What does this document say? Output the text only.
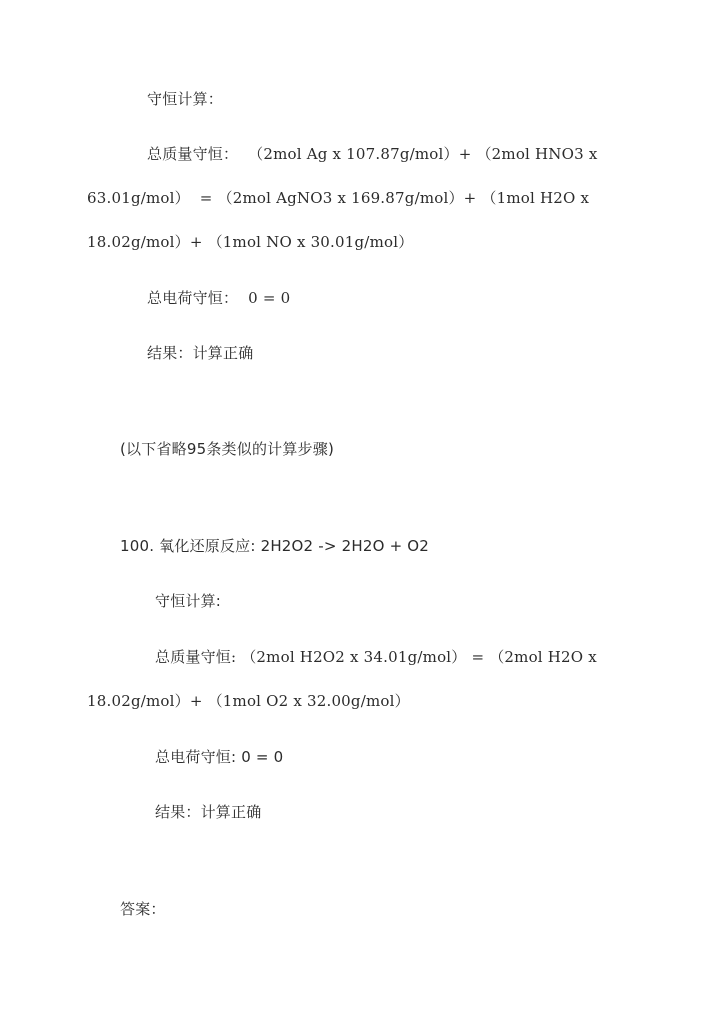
守恒计算：
总质量守恒：  （2mol Ag x 107.87g/mol）+ （2mol HNO3 x
63.01g/mol）  = （2mol AgNO3 x 169.87g/mol）+ （1mol H2O x
18.02g/mol）+ （1mol NO x 30.01g/mol）
总电荷守恒：  0 = 0
结果：计算正确
(以下省略95条类似的计算步骤)
100. 氧化还原反应: 2H2O2 -> 2H2O + O2
守恒计算:
总质量守恒: （2mol H2O2 x 34.01g/mol） = （2mol H2O x
18.02g/mol）+ （1mol O2 x 32.00g/mol）
总电荷守恒: 0 = 0
结果：计算正确
答案：
